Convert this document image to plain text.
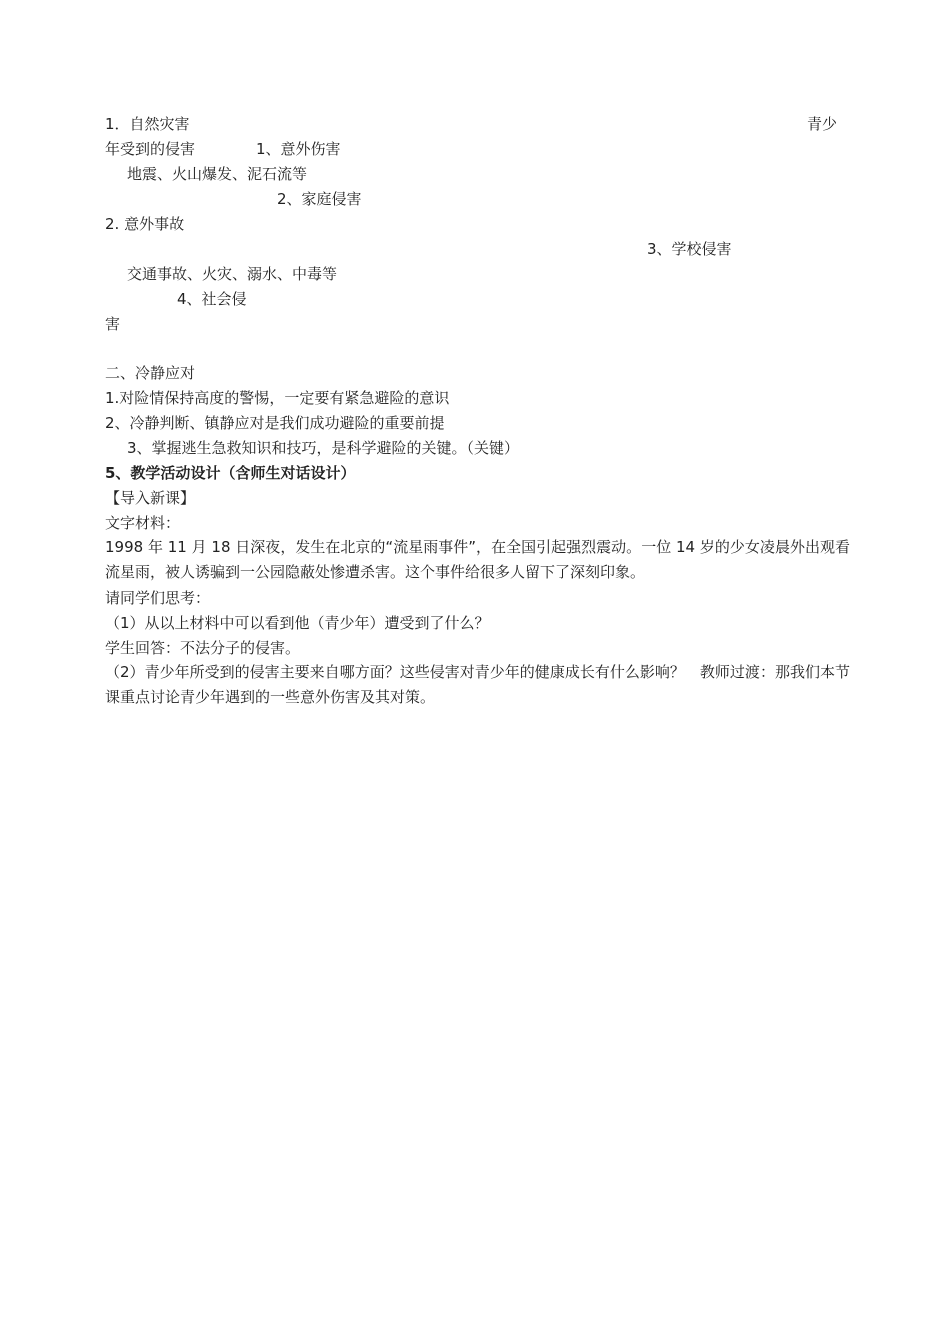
1．自然灾害	青少
年受到的侵害	1、意外伤害
地震、火山爆发、泥石流等
2、家庭侵害
2. 意外事故
3、学校侵害
交通事故、火灾、溺水、中毒等
4、社会侵
害
二、冷静应对
1.对险情保持高度的警惕，一定要有紧急避险的意识
2、冷静判断、镇静应对是我们成功避险的重要前提
3、掌握逃生急救知识和技巧，是科学避险的关键。（关键）
5、教学活动设计（含师生对话设计）
【导入新课】
文字材料：
1998 年 11 月 18 日深夜，发生在北京的“流星雨事件”，在全国引起强烈震动。一位 14 岁的少女凌晨外出观看流星雨，被人诱骗到一公园隐蔽处惨遭杀害。这个事件给很多人留下了深刻印象。
请同学们思考：
（1）从以上材料中可以看到他（青少年）遭受到了什么？
学生回答：不法分子的侵害。
（2）青少年所受到的侵害主要来自哪方面？这些侵害对青少年的健康成长有什么影响？　教师过渡：那我们本节课重点讨论青少年遇到的一些意外伤害及其对策。
